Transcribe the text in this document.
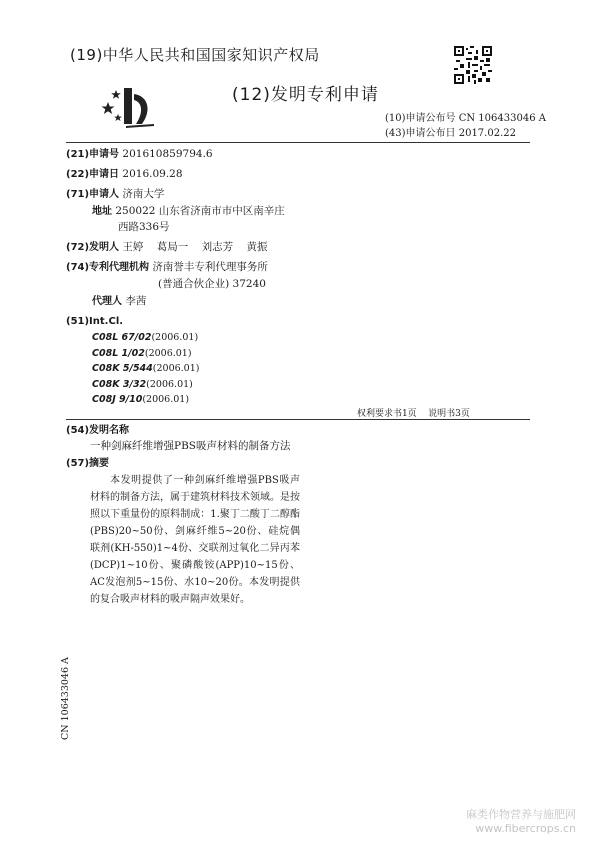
(19)中华人民共和国国家知识产权局
(12)发明专利申请
(10)申请公布号 CN 106433046 A
(43)申请公布日 2017.02.22
(21)申请号 201610859794.6
(22)申请日 2016.09.28
(71)申请人 济南大学
地址 250022 山东省济南市市中区南辛庄
西路336号
(72)发明人 王婷    葛局一    刘志芳    黄振
(74)专利代理机构 济南誉丰专利代理事务所
(普通合伙企业) 37240
代理人 李茜
(51)Int.Cl.
C08L 67/02(2006.01)
C08L 1/02(2006.01)
C08K 5/544(2006.01)
C08K 3/32(2006.01)
C08J 9/10(2006.01)
权利要求书1页    说明书3页
(54)发明名称
一种剑麻纤维增强PBS吸声材料的制备方法
(57)摘要
本发明提供了一种剑麻纤维增强PBS吸声材料的制备方法，属于建筑材料技术领域。是按照以下重量份的原料制成：1.聚丁二酸丁二醇酯(PBS)20~50份、剑麻纤维5~20份、硅烷偶联剂(KH-550)1~4份、交联剂过氧化二异丙苯(DCP)1~10份、聚磷酸铵(APP)10~15份、AC发泡剂5~15份、水10~20份。本发明提供的复合吸声材料的吸声隔声效果好。
CN 106433046 A
麻类作物营养与施肥网
www.fibercrops.cn
